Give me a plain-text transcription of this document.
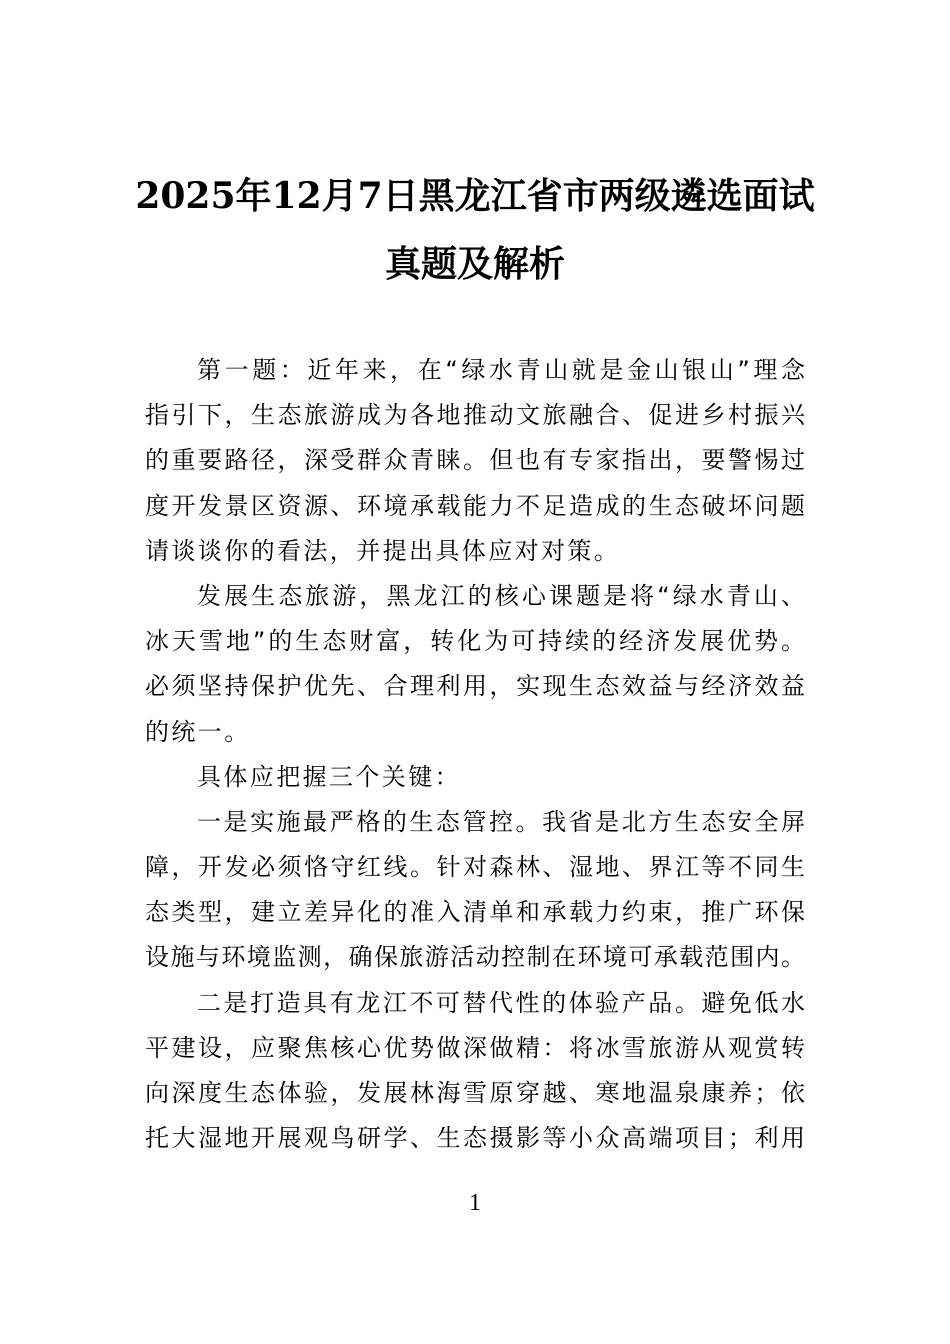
2025年12月7日黑龙江省市两级遴选面试
真题及解析
第一题：近年来，在“绿水青山就是金山银山”理念
指引下，生态旅游成为各地推动文旅融合、促进乡村振兴
的重要路径，深受群众青睐。但也有专家指出，要警惕过
度开发景区资源、环境承载能力不足造成的生态破坏问题
请谈谈你的看法，并提出具体应对对策。
发展生态旅游，黑龙江的核心课题是将“绿水青山、
冰天雪地”的生态财富，转化为可持续的经济发展优势。
必须坚持保护优先、合理利用，实现生态效益与经济效益
的统一。
具体应把握三个关键：
一是实施最严格的生态管控。我省是北方生态安全屏
障，开发必须恪守红线。针对森林、湿地、界江等不同生
态类型，建立差异化的准入清单和承载力约束，推广环保
设施与环境监测，确保旅游活动控制在环境可承载范围内。
二是打造具有龙江不可替代性的体验产品。避免低水
平建设，应聚焦核心优势做深做精：将冰雪旅游从观赏转
向深度生态体验，发展林海雪原穿越、寒地温泉康养；依
托大湿地开展观鸟研学、生态摄影等小众高端项目；利用
1
